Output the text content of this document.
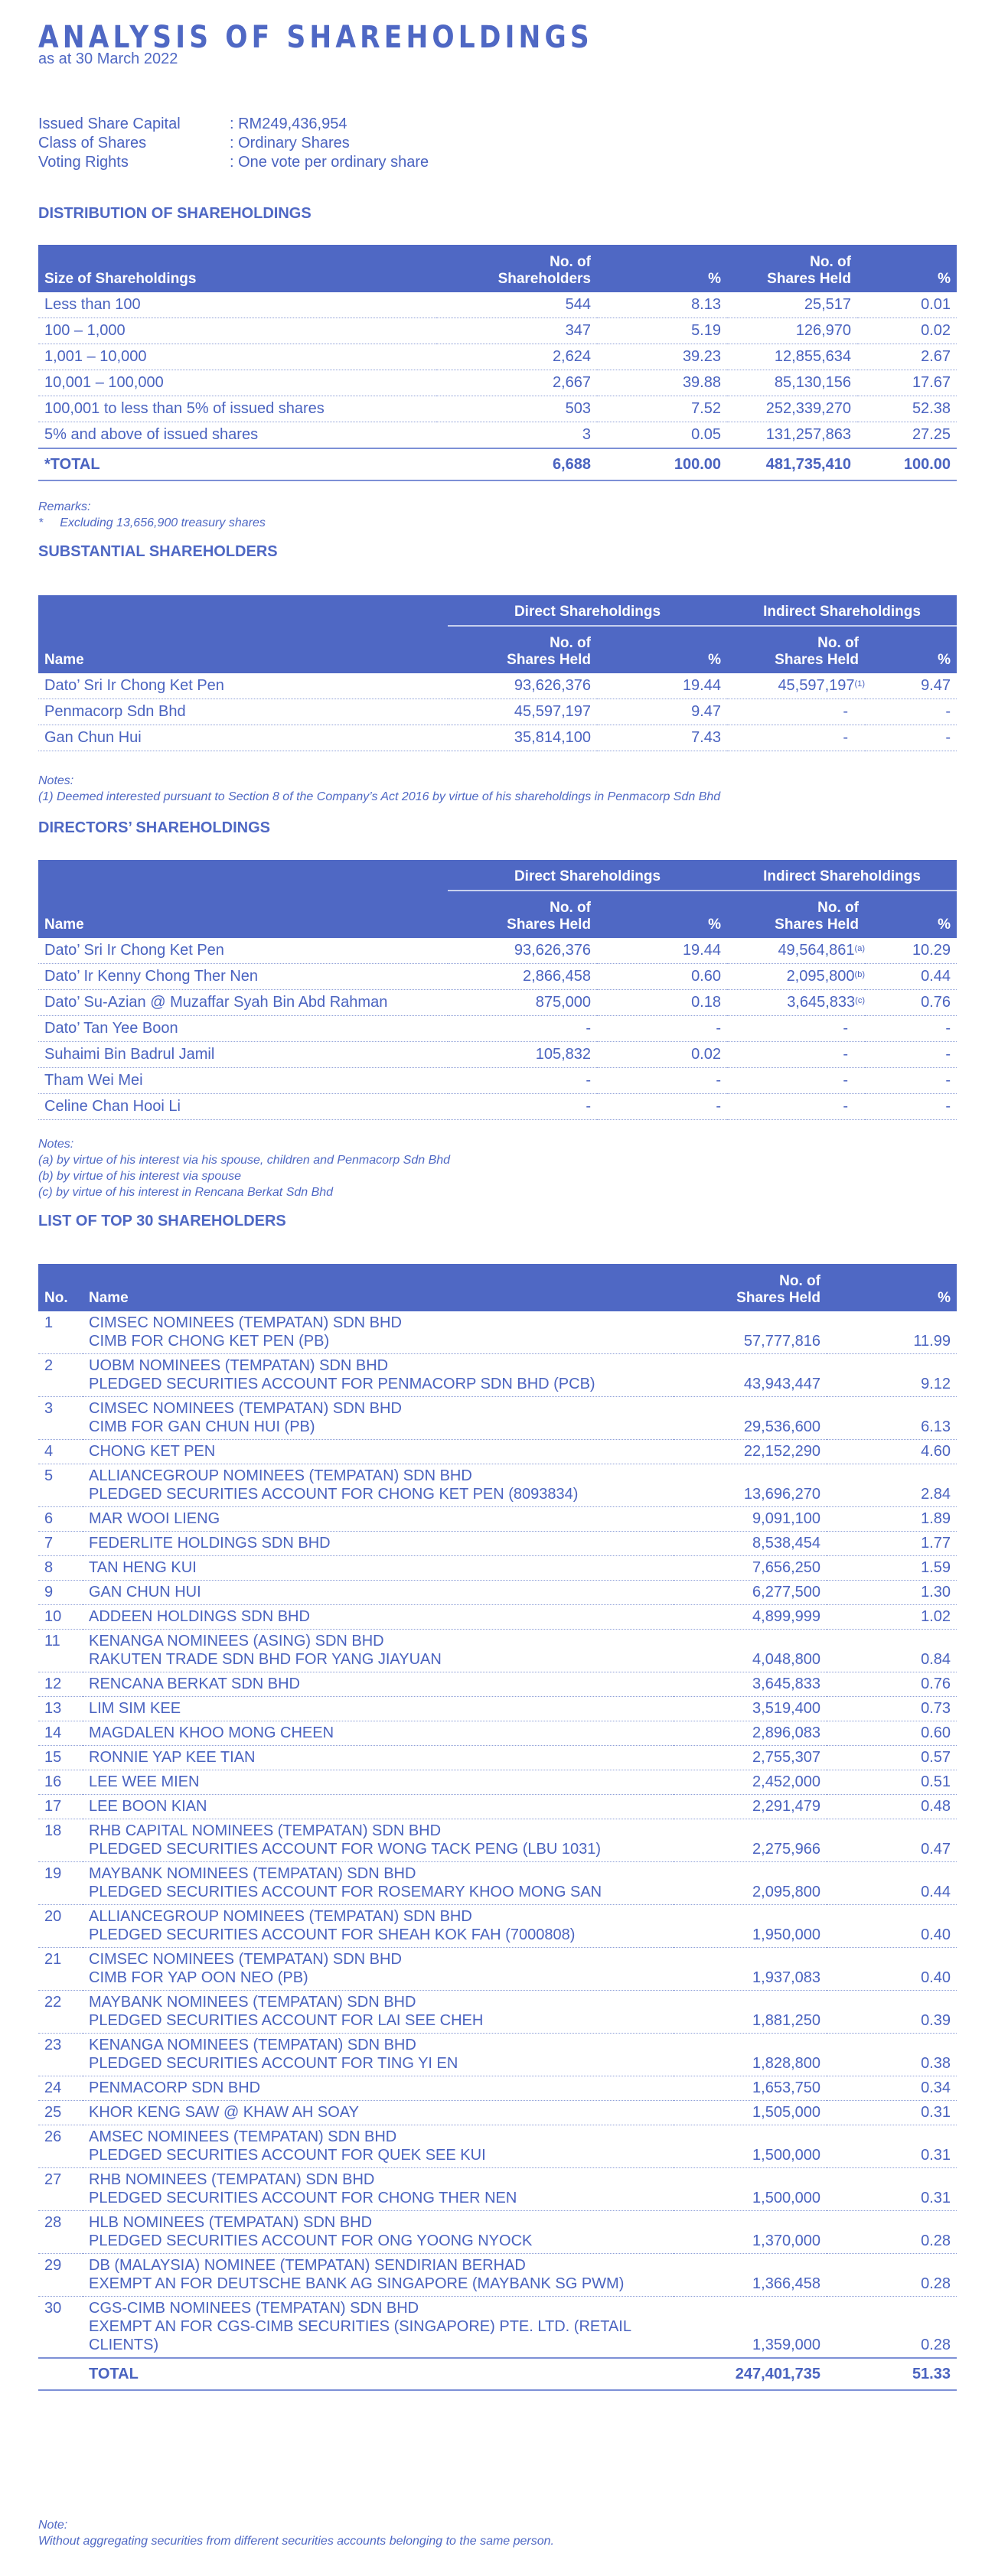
ANALYSIS OF SHAREHOLDINGS
as at 30 March 2022
Issued Share Capital	: RM249,436,954
Class of Shares	: Ordinary Shares
Voting Rights	: One vote per ordinary share
DISTRIBUTION OF SHAREHOLDINGS
Size of Shareholdings	No. of
Shareholders	%	No. of
Shares Held	%
Less than 100	544	8.13	25,517	0.01
100 – 1,000	347	5.19	126,970	0.02
1,001 – 10,000	2,624	39.23	12,855,634	2.67
10,001 – 100,000	2,667	39.88	85,130,156	17.67
100,001 to less than 5% of issued shares	503	7.52	252,339,270	52.38
5% and above of issued shares	3	0.05	131,257,863	27.25
*TOTAL	6,688	100.00	481,735,410	100.00
Remarks:
* Excluding 13,656,900 treasury shares
SUBSTANTIAL SHAREHOLDERS
	Direct Shareholdings		Indirect Shareholdings	
Name	No. of
Shares Held	%	No. of
Shares Held	%
Dato’ Sri Ir Chong Ket Pen	93,626,376	19.44	45,597,197$^{(1)}$	9.47
Penmacorp Sdn Bhd	45,597,197	9.47	-	-
Gan Chun Hui	35,814,100	7.43	-	-
Notes:
(1) Deemed interested pursuant to Section 8 of the Company’s Act 2016 by virtue of his shareholdings in Penmacorp Sdn Bhd
DIRECTORS’ SHAREHOLDINGS
	Direct Shareholdings		Indirect Shareholdings	
Name	No. of
Shares Held	%	No. of
Shares Held	%
Dato’ Sri Ir Chong Ket Pen	93,626,376	19.44	49,564,861$^{(a)}$	10.29
Dato’ Ir Kenny Chong Ther Nen	2,866,458	0.60	2,095,800$^{(b)}$	0.44
Dato’ Su-Azian @ Muzaffar Syah Bin Abd Rahman	875,000	0.18	3,645,833$^{(c)}$	0.76
Dato’ Tan Yee Boon	-	-	-	-
Suhaimi Bin Badrul Jamil	105,832	0.02	-	-
Tham Wei Mei	-	-	-	-
Celine Chan Hooi Li	-	-	-	-
Notes:
(a) by virtue of his interest via his spouse, children and Penmacorp Sdn Bhd
(b) by virtue of his interest via spouse
(c) by virtue of his interest in Rencana Berkat Sdn Bhd
LIST OF TOP 30 SHAREHOLDERS
No.	Name	No. of
Shares Held	%
1	CIMSEC NOMINEES (TEMPATAN) SDN BHD
CIMB FOR CHONG KET PEN (PB)	57,777,816	11.99
2	UOBM NOMINEES (TEMPATAN) SDN BHD
PLEDGED SECURITIES ACCOUNT FOR PENMACORP SDN BHD (PCB)	43,943,447	9.12
3	CIMSEC NOMINEES (TEMPATAN) SDN BHD
CIMB FOR GAN CHUN HUI (PB)	29,536,600	6.13
4	CHONG KET PEN	22,152,290	4.60
5	ALLIANCEGROUP NOMINEES (TEMPATAN) SDN BHD
PLEDGED SECURITIES ACCOUNT FOR CHONG KET PEN (8093834)	13,696,270	2.84
6	MAR WOOI LIENG	9,091,100	1.89
7	FEDERLITE HOLDINGS SDN BHD	8,538,454	1.77
8	TAN HENG KUI	7,656,250	1.59
9	GAN CHUN HUI	6,277,500	1.30
10	ADDEEN HOLDINGS SDN BHD	4,899,999	1.02
11	KENANGA NOMINEES (ASING) SDN BHD
RAKUTEN TRADE SDN BHD FOR YANG JIAYUAN	4,048,800	0.84
12	RENCANA BERKAT SDN BHD	3,645,833	0.76
13	LIM SIM KEE	3,519,400	0.73
14	MAGDALEN KHOO MONG CHEEN	2,896,083	0.60
15	RONNIE YAP KEE TIAN	2,755,307	0.57
16	LEE WEE MIEN	2,452,000	0.51
17	LEE BOON KIAN	2,291,479	0.48
18	RHB CAPITAL NOMINEES (TEMPATAN) SDN BHD
PLEDGED SECURITIES ACCOUNT FOR WONG TACK PENG (LBU 1031)	2,275,966	0.47
19	MAYBANK NOMINEES (TEMPATAN) SDN BHD
PLEDGED SECURITIES ACCOUNT FOR ROSEMARY KHOO MONG SAN	2,095,800	0.44
20	ALLIANCEGROUP NOMINEES (TEMPATAN) SDN BHD
PLEDGED SECURITIES ACCOUNT FOR SHEAH KOK FAH (7000808)	1,950,000	0.40
21	CIMSEC NOMINEES (TEMPATAN) SDN BHD
CIMB FOR YAP OON NEO (PB)	1,937,083	0.40
22	MAYBANK NOMINEES (TEMPATAN) SDN BHD
PLEDGED SECURITIES ACCOUNT FOR LAI SEE CHEH	1,881,250	0.39
23	KENANGA NOMINEES (TEMPATAN) SDN BHD
PLEDGED SECURITIES ACCOUNT FOR TING YI EN	1,828,800	0.38
24	PENMACORP SDN BHD	1,653,750	0.34
25	KHOR KENG SAW @ KHAW AH SOAY	1,505,000	0.31
26	AMSEC NOMINEES (TEMPATAN) SDN BHD
PLEDGED SECURITIES ACCOUNT FOR QUEK SEE KUI	1,500,000	0.31
27	RHB NOMINEES (TEMPATAN) SDN BHD
PLEDGED SECURITIES ACCOUNT FOR CHONG THER NEN	1,500,000	0.31
28	HLB NOMINEES (TEMPATAN) SDN BHD
PLEDGED SECURITIES ACCOUNT FOR ONG YOONG NYOCK	1,370,000	0.28
29	DB (MALAYSIA) NOMINEE (TEMPATAN) SENDIRIAN BERHAD
EXEMPT AN FOR DEUTSCHE BANK AG SINGAPORE (MAYBANK SG PWM)	1,366,458	0.28
30	CGS-CIMB NOMINEES (TEMPATAN) SDN BHD
EXEMPT AN FOR CGS-CIMB SECURITIES (SINGAPORE) PTE. LTD. (RETAIL
CLIENTS)	1,359,000	0.28
	TOTAL	247,401,735	51.33
Note:
Without aggregating securities from different securities accounts belonging to the same person.
